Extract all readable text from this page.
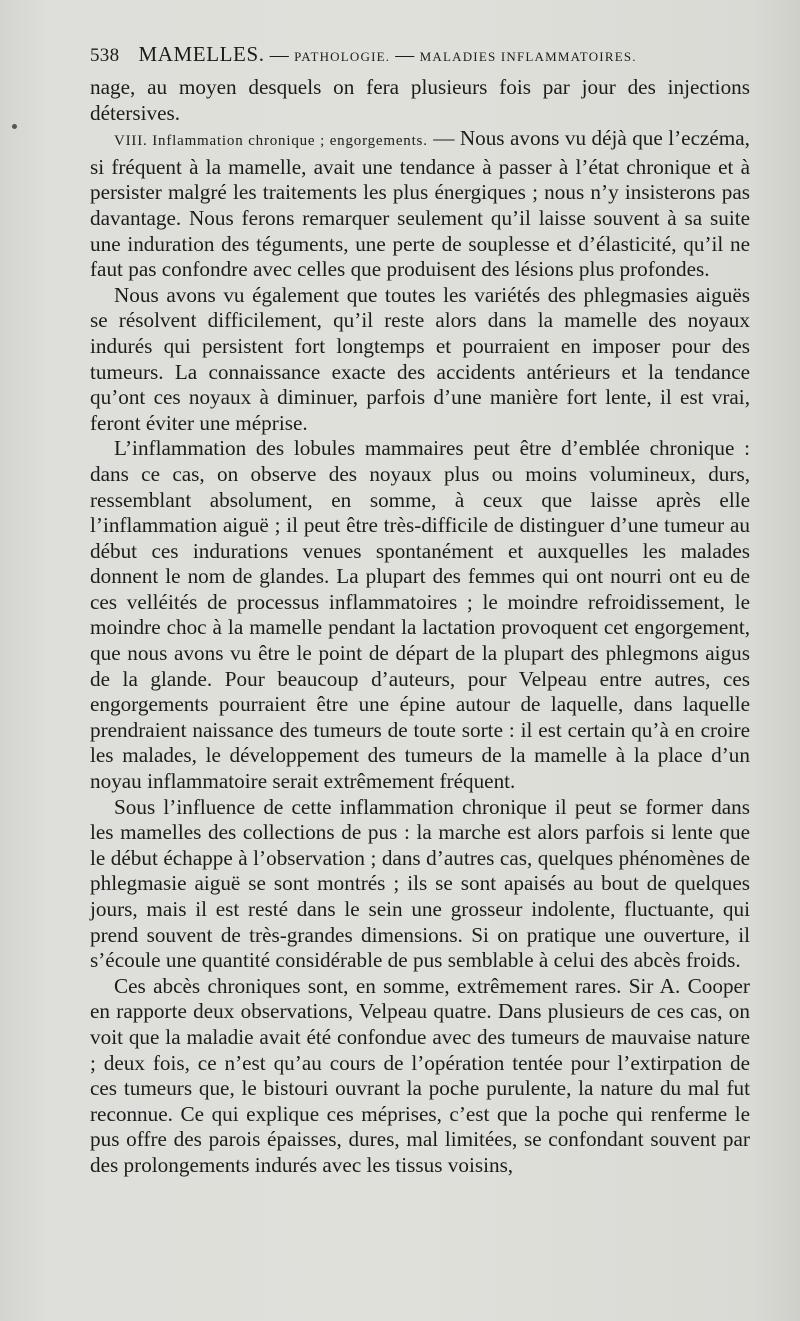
538 MAMELLES. — PATHOLOGIE. — MALADIES INFLAMMATOIRES.

nage, au moyen desquels on fera plusieurs fois par jour des injections détersives.

VIII. Inflammation chronique ; engorgements. — Nous avons vu déjà que l’eczéma, si fréquent à la mamelle, avait une tendance à passer à l’état chronique et à persister malgré les traitements les plus énergiques ; nous n’y insisterons pas davantage. Nous ferons remarquer seulement qu’il laisse souvent à sa suite une induration des téguments, une perte de souplesse et d’élasticité, qu’il ne faut pas confondre avec celles que produisent des lésions plus profondes.

Nous avons vu également que toutes les variétés des phlegmasies aiguës se résolvent difficilement, qu’il reste alors dans la mamelle des noyaux indurés qui persistent fort longtemps et pourraient en imposer pour des tumeurs. La connaissance exacte des accidents antérieurs et la tendance qu’ont ces noyaux à diminuer, parfois d’une manière fort lente, il est vrai, feront éviter une méprise.

L’inflammation des lobules mammaires peut être d’emblée chronique : dans ce cas, on observe des noyaux plus ou moins volumineux, durs, ressemblant absolument, en somme, à ceux que laisse après elle l’inflammation aiguë ; il peut être très-difficile de distinguer d’une tumeur au début ces indurations venues spontanément et auxquelles les malades donnent le nom de glandes. La plupart des femmes qui ont nourri ont eu de ces velléités de processus inflammatoires ; le moindre refroidissement, le moindre choc à la mamelle pendant la lactation provoquent cet engorgement, que nous avons vu être le point de départ de la plupart des phlegmons aigus de la glande. Pour beaucoup d’auteurs, pour Velpeau entre autres, ces engorgements pourraient être une épine autour de laquelle, dans laquelle prendraient naissance des tumeurs de toute sorte : il est certain qu’à en croire les malades, le développement des tumeurs de la mamelle à la place d’un noyau inflammatoire serait extrêmement fréquent.

Sous l’influence de cette inflammation chronique il peut se former dans les mamelles des collections de pus : la marche est alors parfois si lente que le début échappe à l’observation ; dans d’autres cas, quelques phénomènes de phlegmasie aiguë se sont montrés ; ils se sont apaisés au bout de quelques jours, mais il est resté dans le sein une grosseur indolente, fluctuante, qui prend souvent de très-grandes dimensions. Si on pratique une ouverture, il s’écoule une quantité considérable de pus semblable à celui des abcès froids.

Ces abcès chroniques sont, en somme, extrêmement rares. Sir A. Cooper en rapporte deux observations, Velpeau quatre. Dans plusieurs de ces cas, on voit que la maladie avait été confondue avec des tumeurs de mauvaise nature ; deux fois, ce n’est qu’au cours de l’opération tentée pour l’extirpation de ces tumeurs que, le bistouri ouvrant la poche purulente, la nature du mal fut reconnue. Ce qui explique ces méprises, c’est que la poche qui renferme le pus offre des parois épaisses, dures, mal limitées, se confondant souvent par des prolongements indurés avec les tissus voisins,
